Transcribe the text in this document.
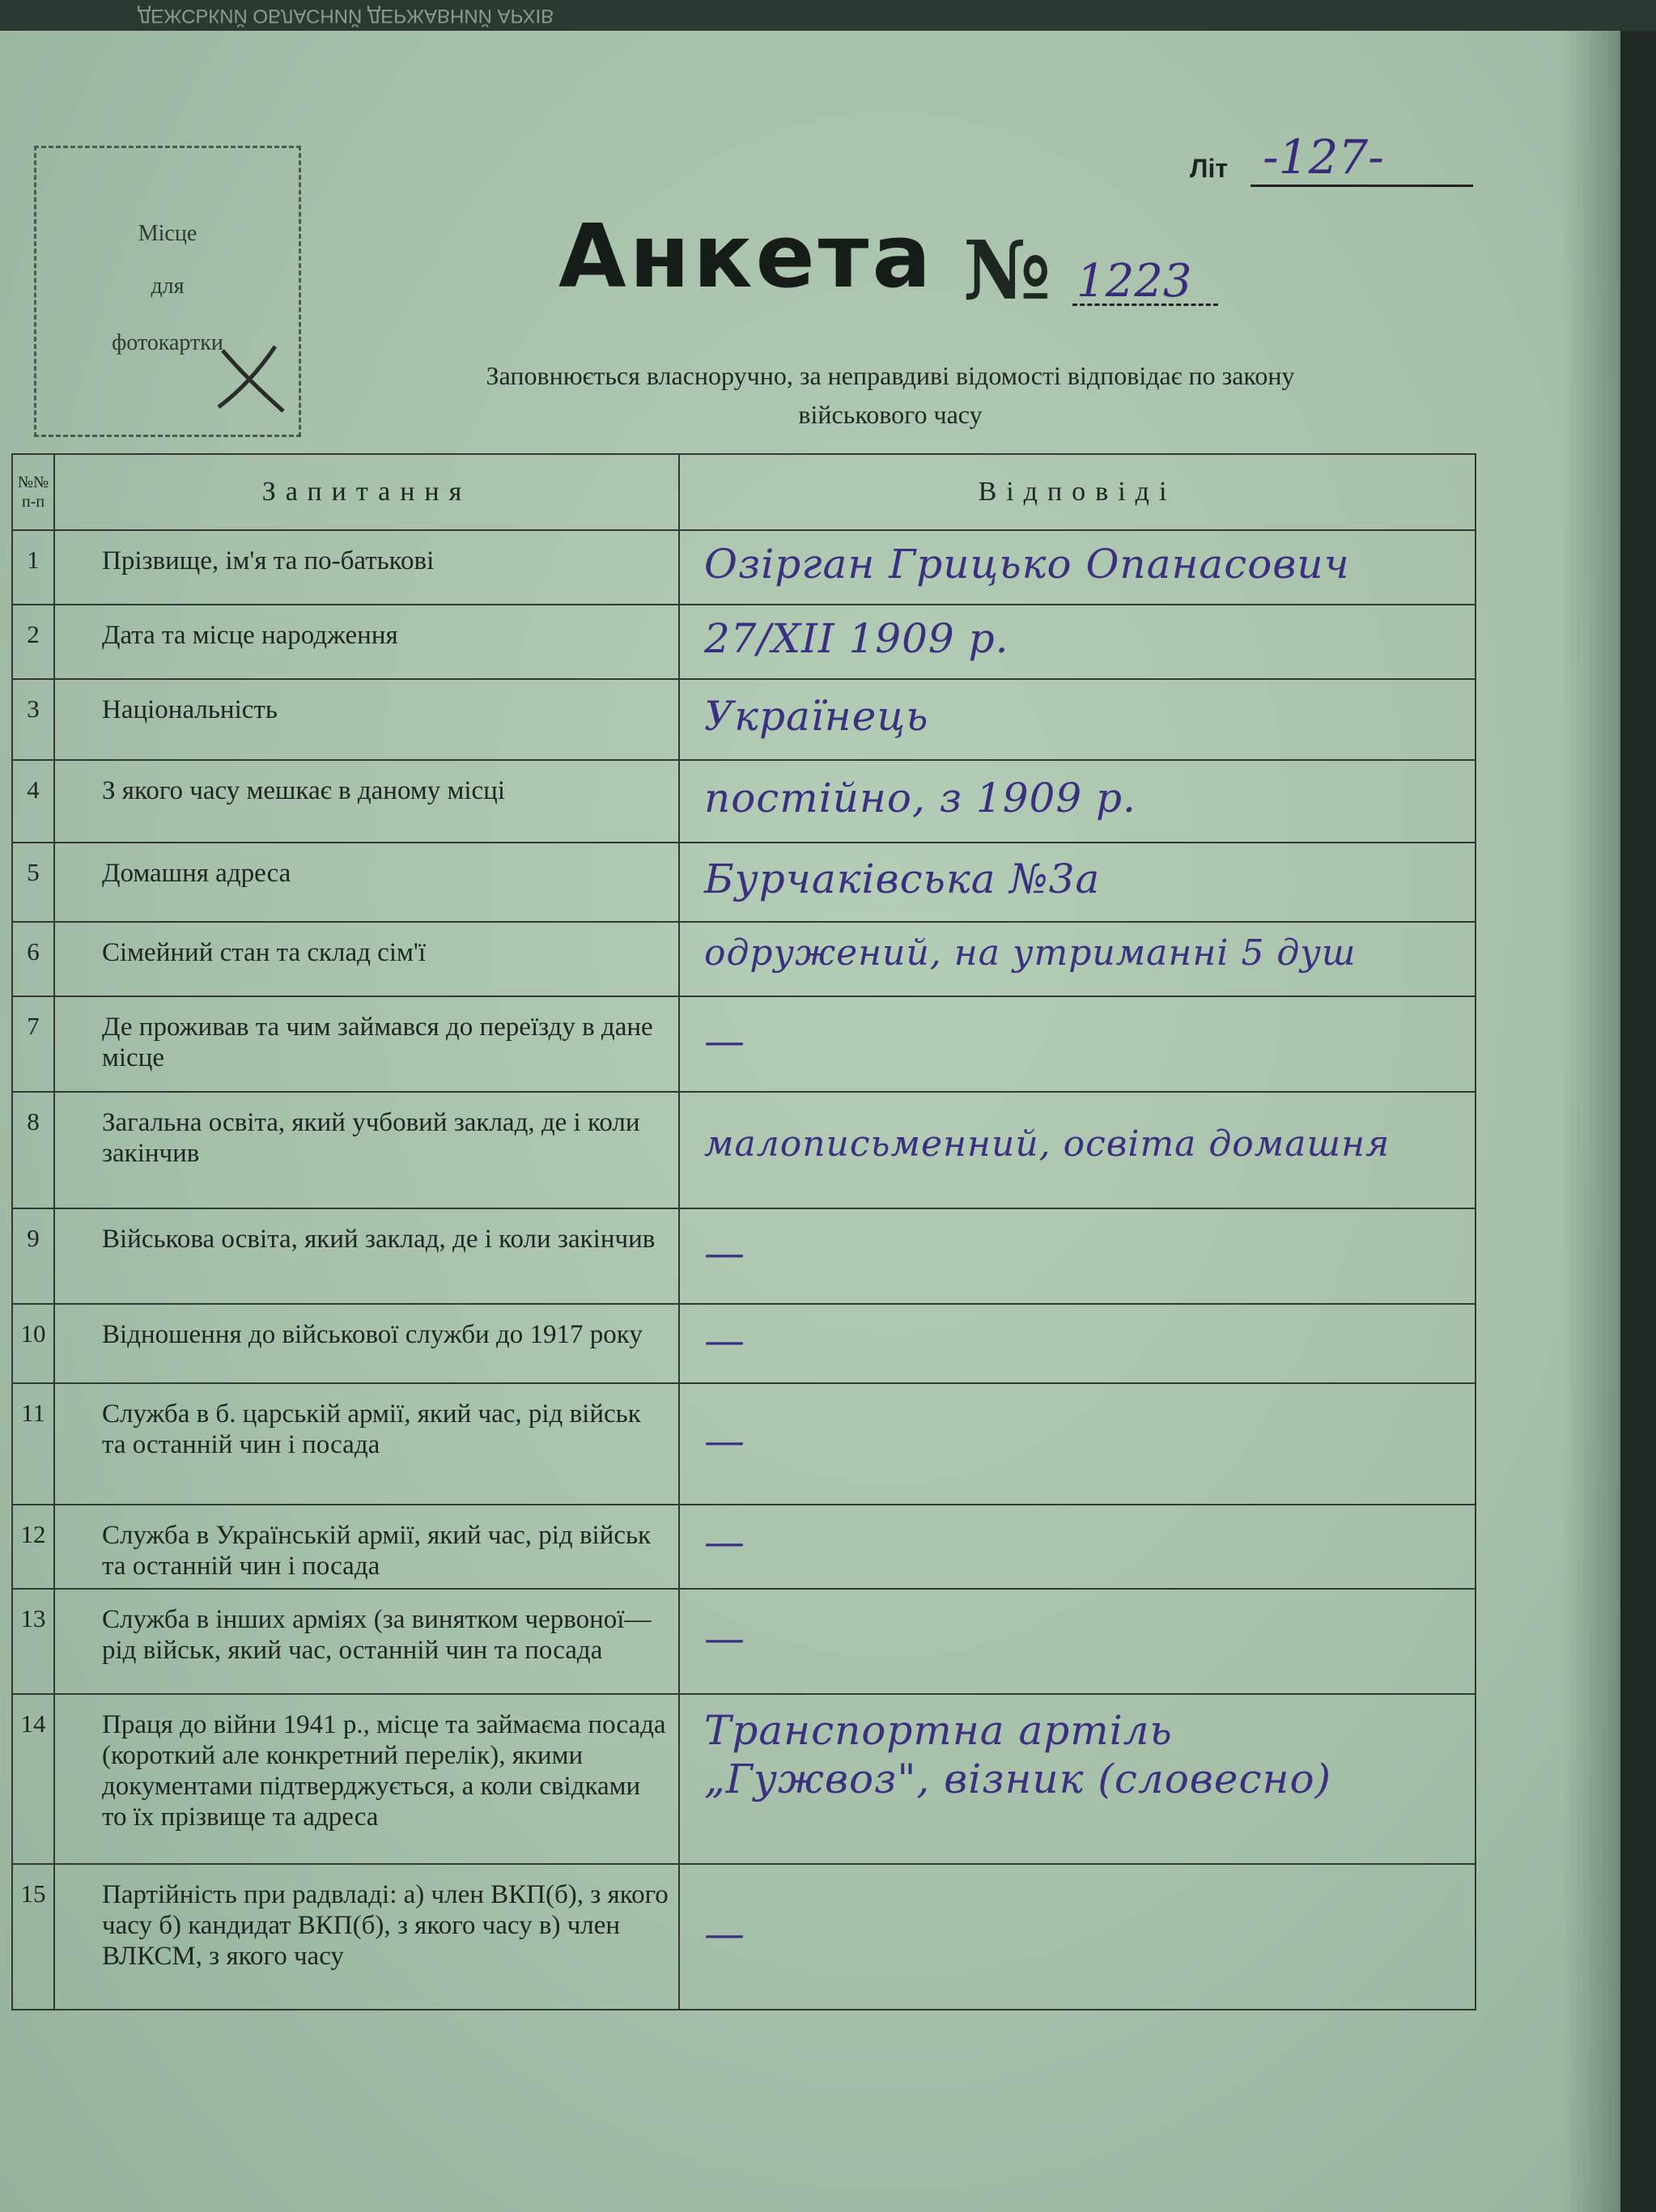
ДЕЖСЬКИЙ ОБЛАСНИЙ ДЕРЖАВНИЙ АРХІВ
Місце
для
фотокартки
Літ -127-
Анкета № 1223
Заповнюється власноручно, за неправдиві відомості відповідає по закону
військового часу
№№ п-п	Запитання	Відповіді
1	Прізвище, ім'я та по-батькові	Озірган Грицько Опанасович

2	Дата та місце народження	27/XII 1909 р.

3	Національність	Українець

4	З якого часу мешкає в даному місці	постійно, з 1909 р.

5	Домашня адреса	Бурчаківська №3а

6	Сімейний стан та склад сім'ї	одружений, на утриманні 5 душ

7	Де проживав та чим займався до переїзду в дане місце	—

8	Загальна освіта, який учбовий заклад, де і коли закінчив	малописьменний, освіта домашня

9	Військова освіта, який заклад, де і коли закінчив	—

10	Відношення до військової служби до 1917 року	—

11	Служба в б. царській армії, який час, рід військ та останній чин і посада	—

12	Служба в Українській армії, який час, рід військ та останній чин і посада	—

13	Служба в інших арміях (за винятком червоної—рід військ, який час, останній чин та посада	—

14	Праця до війни 1941 р., місце та займаєма посада (короткий але конкретний перелік), якими документами підтверджується, а коли свідками то їх прізвище та адреса	Транспортна артіль „Гужвоз", візник (словесно)

15	Партійність при радвладі: а) член ВКП(б), з якого часу б) кандидат ВКП(б), з якого часу в) член ВЛКСМ, з якого часу	—
